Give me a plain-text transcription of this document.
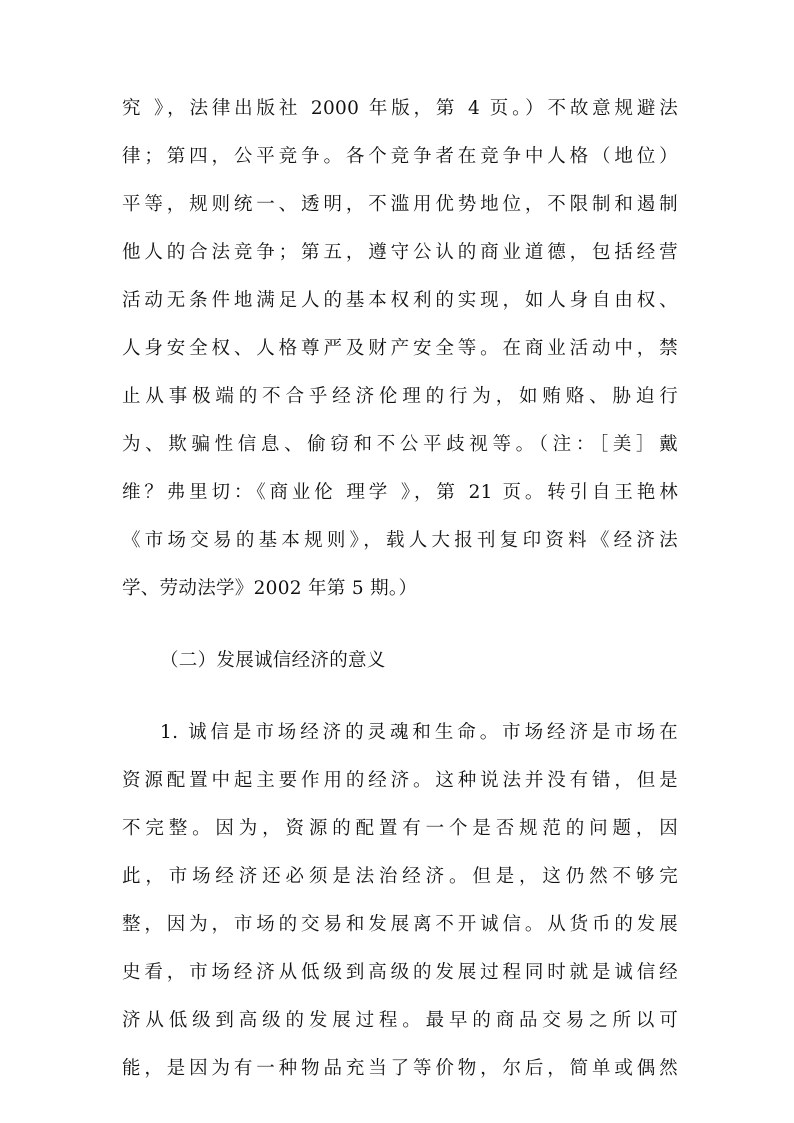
究 》，法律出版社 2000 年版，第 4 页。）不故意规避法
律；第四，公平竞争。各个竞争者在竞争中人格（地位）
平等，规则统一、透明，不滥用优势地位，不限制和遏制
他人的合法竞争；第五，遵守公认的商业道德，包括经营
活动无条件地满足人的基本权利的实现，如人身自由权、
人身安全权、人格尊严及财产安全等。在商业活动中，禁
止从事极端的不合乎经济伦理的行为，如贿赂、胁迫行
为、欺骗性信息、偷窃和不公平歧视等。（注：［美］戴
维？弗里切：《商业伦 理学 》，第 21 页。转引自王艳林
《市场交易的基本规则》，载人大报刊复印资料《经济法
学、劳动法学》2002 年第 5 期。）
（二）发展诚信经济的意义
1. 诚信是市场经济的灵魂和生命。市场经济是市场在
资源配置中起主要作用的经济。这种说法并没有错，但是
不完整。因为，资源的配置有一个是否规范的问题，因
此，市场经济还必须是法治经济。但是，这仍然不够完
整，因为，市场的交易和发展离不开诚信。从货币的发展
史看，市场经济从低级到高级的发展过程同时就是诚信经
济从低级到高级的发展过程。最早的商品交易之所以可
能，是因为有一种物品充当了等价物，尔后，简单或偶然
